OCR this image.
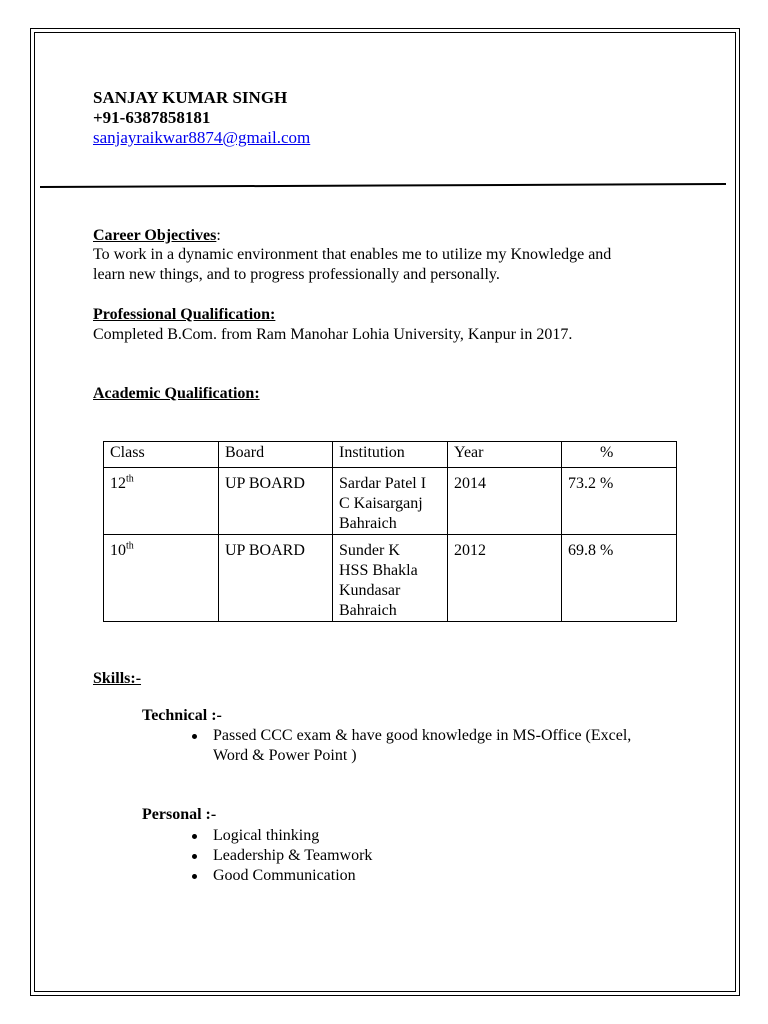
SANJAY KUMAR SINGH
+91-6387858181
sanjayraikwar8874@gmail.com
Career Objectives:
To work in a dynamic environment that enables me to utilize my Knowledge and
learn new things, and to progress professionally and personally.
Professional Qualification:
Completed B.Com. from Ram Manohar Lohia University, Kanpur in 2017.
Academic Qualification:
Class	Board	Institution	Year	%
12th	UP BOARD	Sardar Patel I
C Kaisarganj
Bahraich	2014	73.2 %
10th	UP BOARD	Sunder K
HSS Bhakla
Kundasar
Bahraich	2012	69.8 %
Skills:-
Technical :-
Passed CCC exam & have good knowledge in MS-Office (Excel,
Word & Power Point )
Personal :-
Logical thinking
Leadership & Teamwork
Good Communication
